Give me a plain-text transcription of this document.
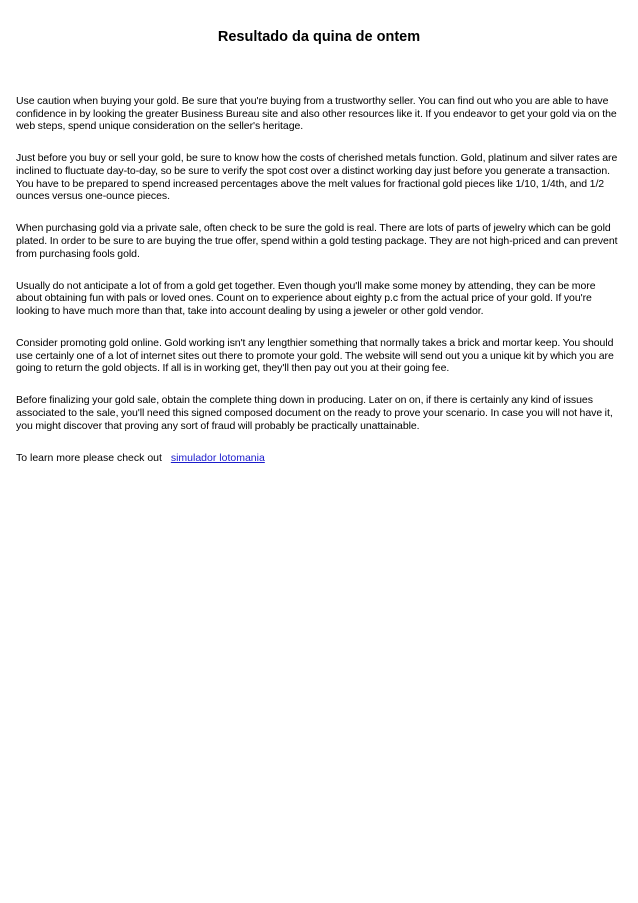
Resultado da quina de ontem

Use caution when buying your gold. Be sure that you're buying from a trustworthy seller. You can find out who you are able to have confidence in by looking the greater Business Bureau site and also other resources like it. If you endeavor to get your gold via on the web steps, spend unique consideration on the seller's heritage.

Just before you buy or sell your gold, be sure to know how the costs of cherished metals function. Gold, platinum and silver rates are inclined to fluctuate day-to-day, so be sure to verify the spot cost over a distinct working day just before you generate a transaction. You have to be prepared to spend increased percentages above the melt values for fractional gold pieces like 1/10, 1/4th, and 1/2 ounces versus one-ounce pieces.

When purchasing gold via a private sale, often check to be sure the gold is real. There are lots of parts of jewelry which can be gold plated. In order to be sure to are buying the true offer, spend within a gold testing package. They are not high-priced and can prevent from purchasing fools gold.

Usually do not anticipate a lot of from a gold get together. Even though you'll make some money by attending, they can be more about obtaining fun with pals or loved ones. Count on to experience about eighty p.c from the actual price of your gold. If you're looking to have much more than that, take into account dealing by using a jeweler or other gold vendor.

Consider promoting gold online. Gold working isn't any lengthier something that normally takes a brick and mortar keep. You should use certainly one of a lot of internet sites out there to promote your gold. The website will send out you a unique kit by which you are going to return the gold objects. If all is in working get, they'll then pay out you at their going fee.

Before finalizing your gold sale, obtain the complete thing down in producing. Later on on, if there is certainly any kind of issues associated to the sale, you'll need this signed composed document on the ready to prove your scenario. In case you will not have it, you might discover that proving any sort of fraud will probably be practically unattainable.

To learn more please check out simulador lotomania
